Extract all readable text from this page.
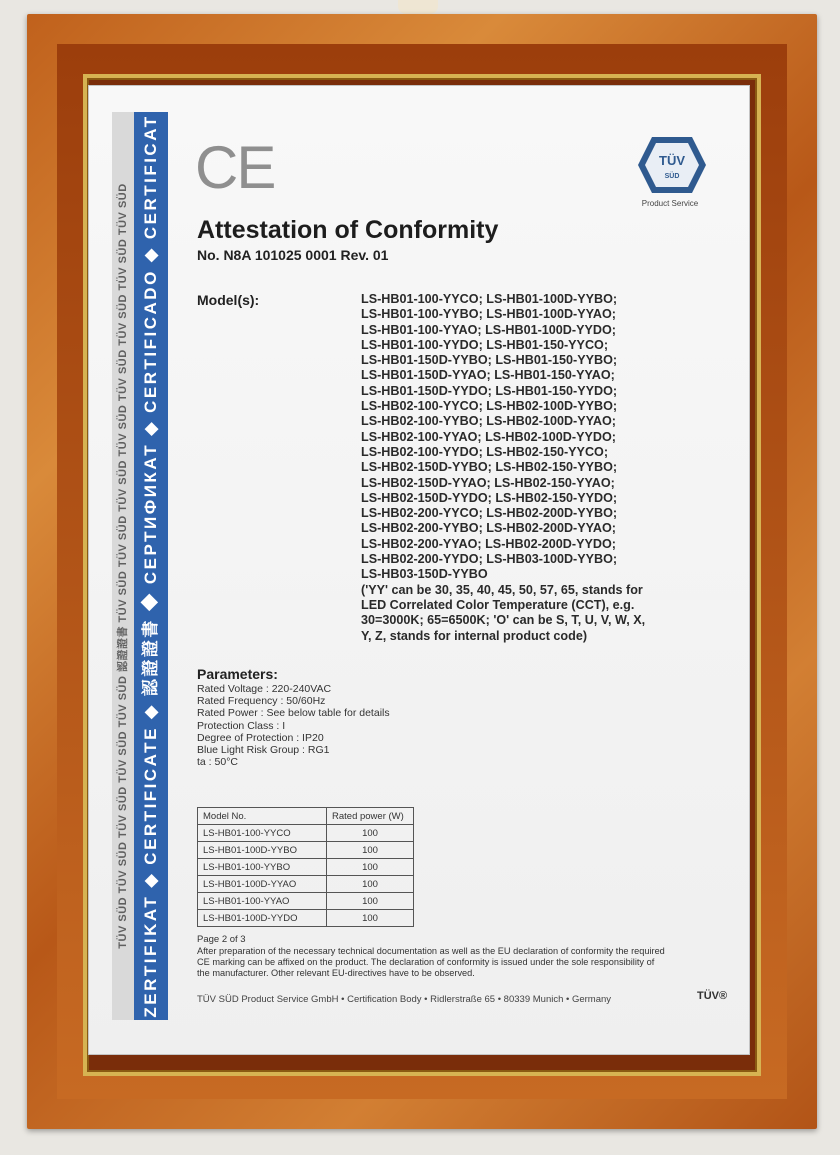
TÜV SÜD TÜV SÜD TÜV SÜD TÜV SÜD TÜV SÜD 認證證書 TÜV SÜD TÜV SÜD TÜV SÜD TÜV SÜD TÜV SÜD TÜV SÜD TÜV SÜD TÜV SÜD ZERTIFIKAT ◆ CERTIFICATE ◆ 認證證書 ◆ СЕРТИФИКАТ ◆ CERTIFICADO ◆ CERTIFICAT CE	TÜV
SÜD
Product Service
Attestation of Conformity
No. N8A 101025 0001 Rev. 01
Model(s):	LS-HB01-100-YYCO; LS-HB01-100D-YYBO;
LS-HB01-100-YYBO; LS-HB01-100D-YYAO;
LS-HB01-100-YYAO; LS-HB01-100D-YYDO;
LS-HB01-100-YYDO; LS-HB01-150-YYCO;
LS-HB01-150D-YYBO; LS-HB01-150-YYBO;
LS-HB01-150D-YYAO; LS-HB01-150-YYAO;
LS-HB01-150D-YYDO; LS-HB01-150-YYDO;
LS-HB02-100-YYCO; LS-HB02-100D-YYBO;
LS-HB02-100-YYBO; LS-HB02-100D-YYAO;
LS-HB02-100-YYAO; LS-HB02-100D-YYDO;
LS-HB02-100-YYDO; LS-HB02-150-YYCO;
LS-HB02-150D-YYBO; LS-HB02-150-YYBO;
LS-HB02-150D-YYAO; LS-HB02-150-YYAO;
LS-HB02-150D-YYDO; LS-HB02-150-YYDO;
LS-HB02-200-YYCO; LS-HB02-200D-YYBO;
LS-HB02-200-YYBO; LS-HB02-200D-YYAO;
LS-HB02-200-YYAO; LS-HB02-200D-YYDO;
LS-HB02-200-YYDO; LS-HB03-100D-YYBO;
LS-HB03-150D-YYBO
('YY' can be 30, 35, 40, 45, 50, 57, 65, stands for
LED Correlated Color Temperature (CCT), e.g.
30=3000K; 65=6500K; 'O' can be S, T, U, V, W, X,
Y, Z, stands for internal product code)
Parameters:
Rated Voltage : 220-240VAC
Rated Frequency : 50/60Hz
Rated Power : See below table for details
Protection Class : I
Degree of Protection : IP20
Blue Light Risk Group : RG1
ta : 50°C
Model No.	Rated power (W)
LS-HB01-100-YYCO	100
LS-HB01-100D-YYBO	100
LS-HB01-100-YYBO	100
LS-HB01-100D-YYAO	100
LS-HB01-100-YYAO	100
LS-HB01-100D-YYDO	100
Page 2 of 3
After preparation of the necessary technical documentation as well as the EU declaration of conformity the required CE marking can be affixed on the product. The declaration of conformity is issued under the sole responsibility of the manufacturer. Other relevant EU-directives have to be observed.
TÜV SÜD Product Service GmbH • Certification Body • Ridlerstraße 65 • 80339 Munich • Germany	TÜV®
